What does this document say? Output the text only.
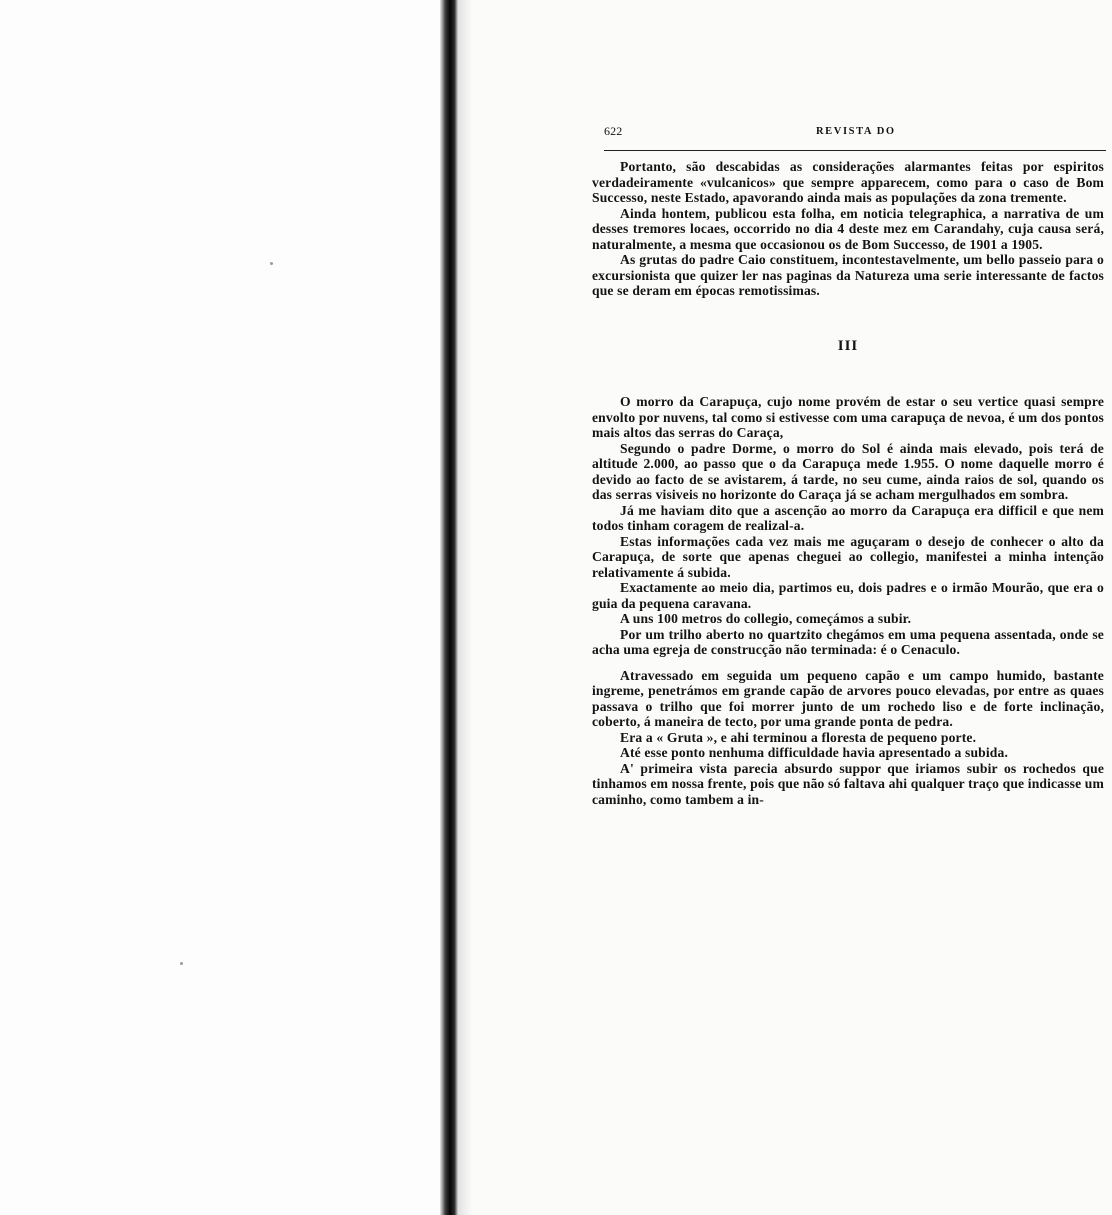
622	REVISTA DO

Portanto, são descabidas as considerações alarmantes feitas por espiritos verdadeiramente «vulcanicos» que sempre apparecem, como para o caso de Bom Successo, neste Estado, apavorando ainda mais as populações da zona tremente.

Ainda hontem, publicou esta folha, em noticia telegraphica, a narrativa de um desses tremores locaes, occorrido no dia 4 deste mez em Carandahy, cuja causa será, naturalmente, a mesma que occasionou os de Bom Successo, de 1901 a 1905.

As grutas do padre Caio constituem, incontestavelmente, um bello passeio para o excursionista que quizer ler nas paginas da Natureza uma serie interessante de factos que se deram em épocas remotissimas.

III

O morro da Carapuça, cujo nome provém de estar o seu vertice quasi sempre envolto por nuvens, tal como si estivesse com uma carapuça de nevoa, é um dos pontos mais altos das serras do Caraça,

Segundo o padre Dorme, o morro do Sol é ainda mais elevado, pois terá de altitude 2.000, ao passo que o da Carapuça mede 1.955. O nome daquelle morro é devido ao facto de se avistarem, á tarde, no seu cume, ainda raios de sol, quando os das serras visiveis no horizonte do Caraça já se acham mergulhados em sombra.

Já me haviam dito que a ascenção ao morro da Carapuça era difficil e que nem todos tinham coragem de realizal-a.

Estas informações cada vez mais me aguçaram o desejo de conhecer o alto da Carapuça, de sorte que apenas cheguei ao collegio, manifestei a minha intenção relativamente á subida.

Exactamente ao meio dia, partimos eu, dois padres e o irmão Mourão, que era o guia da pequena caravana.

A uns 100 metros do collegio, começámos a subir.

Por um trilho aberto no quartzito chegámos em uma pequena assentada, onde se acha uma egreja de construcção não terminada: é o Cenaculo.

Atravessado em seguida um pequeno capão e um campo humido, bastante ingreme, penetrámos em grande capão de arvores pouco elevadas, por entre as quaes passava o trilho que foi morrer junto de um rochedo liso e de forte inclinação, coberto, á maneira de tecto, por uma grande ponta de pedra.

Era a « Gruta », e ahi terminou a floresta de pequeno porte.

Até esse ponto nenhuma difficuldade havia apresentado a subida.

A' primeira vista parecia absurdo suppor que iriamos subir os rochedos que tinhamos em nossa frente, pois que não só faltava ahi qualquer traço que indicasse um caminho, como tambem a in-
